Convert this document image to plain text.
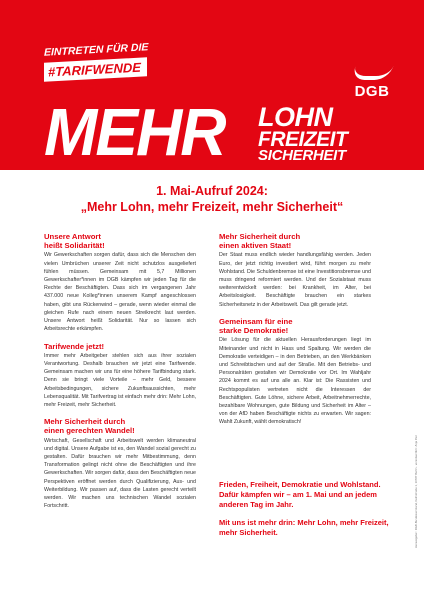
EINTRETEN FÜR DIE
#TARIFWENDE
DGB
MEHR LOHN
FREIZEIT
SICHERHEIT
1. Mai-Aufruf 2024:
„Mehr Lohn, mehr Freizeit, mehr Sicherheit“
Unsere Antwort
heißt Solidarität!

Wir Gewerkschaften sorgen dafür, dass sich die Menschen den vielen Umbrüchen unserer Zeit nicht schutzlos ausgeliefert fühlen müssen. Gemeinsam mit 5,7 Millionen Gewerkschafter*innen im DGB kämpfen wir jeden Tag für die Rechte der Beschäftigten. Dass sich im vergangenen Jahr 437.000 neue Kolleg*innen unserem Kampf angeschlossen haben, gibt uns Rückenwind – gerade, wenn wieder einmal die gleichen Rufe nach einem neuen Streikrecht laut werden. Unsere Antwort heißt Solidarität. Nur so lassen sich Arbeitsrechte erkämpfen.

Tarifwende jetzt!

Immer mehr Arbeitgeber stehlen sich aus ihrer sozialen Verantwortung. Deshalb brauchen wir jetzt eine Tarifwende. Gemeinsam machen wir uns für eine höhere Tarifbindung stark. Denn sie bringt viele Vorteile – mehr Geld, bessere Arbeitsbedingungen, sichere Zukunftsaussichten, mehr Lebensqualität. Mit Tarifvertrag ist einfach mehr drin: Mehr Lohn, mehr Freizeit, mehr Sicherheit.

Mehr Sicherheit durch
einen gerechten Wandel!

Wirtschaft, Gesellschaft und Arbeitswelt werden klimaneutral und digital. Unsere Aufgabe ist es, den Wandel sozial gerecht zu gestalten. Dafür brauchen wir mehr Mitbestimmung, denn Transformation gelingt nicht ohne die Beschäftigten und ihre Gewerkschaften. Wir sorgen dafür, dass den Beschäftigten neue Perspektiven eröffnet werden durch Qualifizierung, Aus- und Weiterbildung. Wir passen auf, dass die Lasten gerecht verteilt werden. Wir machen uns technischen Wandel sozialen Fortschritt.

Mehr Sicherheit durch
einen aktiven Staat!

Der Staat muss endlich wieder handlungsfähig werden. Jeden Euro, der jetzt richtig investiert wird, führt morgen zu mehr Wohlstand. Die Schuldenbremse ist eine Investitionsbremse und muss dringend reformiert werden. Und der Sozialstaat muss weiterentwickelt werden: bei Krankheit, im Alter, bei Arbeitslosigkeit. Beschäftigte brauchen ein starkes Sicherheitsnetz in der Arbeitswelt. Das gilt gerade jetzt.

Gemeinsam für eine
starke Demokratie!

Die Lösung für die aktuellen Herausforderungen liegt im Miteinander und nicht in Hass und Spaltung. Wir werden die Demokratie verteidigen – in den Betrieben, an den Werkbänken und Schreibtischen und auf der Straße. Mit den Betriebs- und Personalräten gestalten wir Demokratie vor Ort. Im Wahljahr 2024 kommt es auf uns alle an. Klar ist: Die Rassisten und Rechtspopulisten vertreten nicht die Interessen der Beschäftigten. Gute Löhne, sichere Arbeit, Arbeitnehmerrechte, bezahlbare Wohnungen, gute Bildung und Sicherheit im Alter – von der AfD haben Beschäftigte nichts zu erwarten. Wir sagen: Wahlt Zukunft, wählt demokratisch!

Frieden, Freiheit, Demokratie und Wohlstand. Dafür kämpfen wir – am 1. Mai und an jedem anderen Tag im Jahr.

Mit uns ist mehr drin: Mehr Lohn, mehr Freizeit, mehr Sicherheit.	Herausgeber: DGB-Bundesvorstand, Keithstraße 1, 10787 Berlin · verantwortlich: Anja Piel
